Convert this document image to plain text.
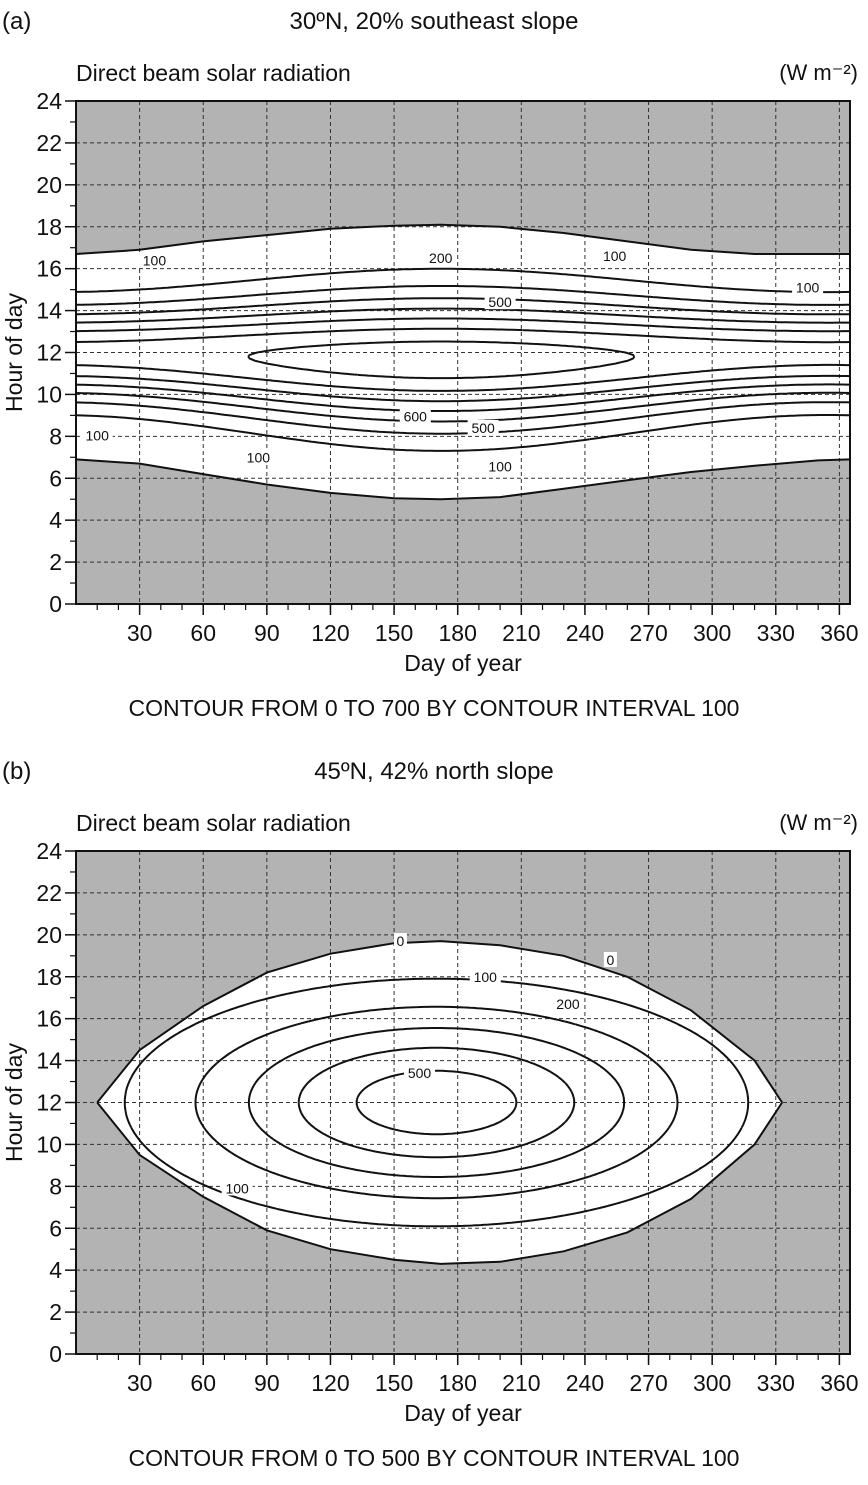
(a)	30ºN, 20% southeast slope
Direct beam solar radiation	(W m⁻²)
100	200	100
100
500
600
500
100
100
100
30 60 90 120 150 180 210 240 270 300 330 360
0
2
4
6
8
10
12
14
16
18
20
22
24
Day of year
Hour of day
CONTOUR FROM 0 TO 700 BY CONTOUR INTERVAL 100
(b)	45ºN, 42% north slope
Direct beam solar radiation	(W m⁻²)
0
0
100
200
500
100
30 60 90 120 150 180 210 240 270 300 330 360
0
2
4
6
8
10
12
14
16
18
20
22
24
Day of year
Hour of day
CONTOUR FROM 0 TO 500 BY CONTOUR INTERVAL 100
